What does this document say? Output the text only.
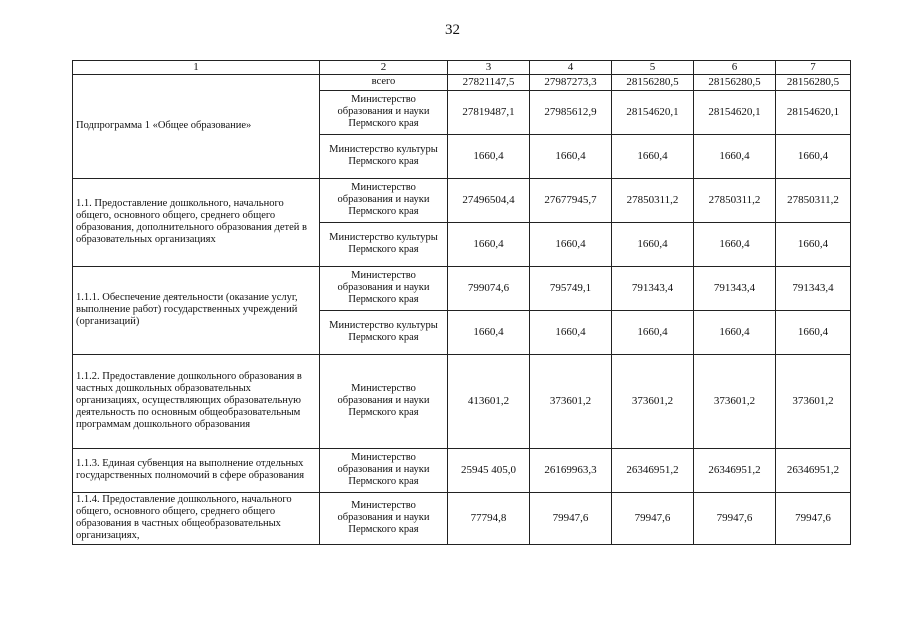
32
1	2	3	4	5	6	7
Подпрограмма 1 «Общее образование»	всего	27821147,5	27987273,3	28156280,5	28156280,5	28156280,5
	Министерство образования и науки Пермского края	27819487,1	27985612,9	28154620,1	28154620,1	28154620,1
	Министерство культуры Пермского края	1660,4	1660,4	1660,4	1660,4	1660,4
1.1. Предоставление дошкольного, начального общего, основного общего, среднего общего образования, дополнительного образования детей в образовательных организациях	Министерство образования и науки Пермского края	27496504,4	27677945,7	27850311,2	27850311,2	27850311,2
	Министерство культуры Пермского края	1660,4	1660,4	1660,4	1660,4	1660,4
1.1.1. Обеспечение деятельности (оказание услуг, выполнение работ) государственных учреждений (организаций)	Министерство образования и науки Пермского края	799074,6	795749,1	791343,4	791343,4	791343,4
	Министерство культуры Пермского края	1660,4	1660,4	1660,4	1660,4	1660,4
1.1.2. Предоставление дошкольного образования в частных дошкольных образовательных организациях, осуществляющих образовательную деятельность по основным общеобразовательным программам дошкольного образования	Министерство образования и науки Пермского края	413601,2	373601,2	373601,2	373601,2	373601,2
1.1.3. Единая субвенция на выполнение отдельных государственных полномочий в сфере образования	Министерство образования и науки Пермского края	25945 405,0	26169963,3	26346951,2	26346951,2	26346951,2
1.1.4. Предоставление дошкольного, начального общего, основного общего, среднего общего образования в частных общеобразовательных организациях,	Министерство образования и науки Пермского края	77794,8	79947,6	79947,6	79947,6	79947,6
